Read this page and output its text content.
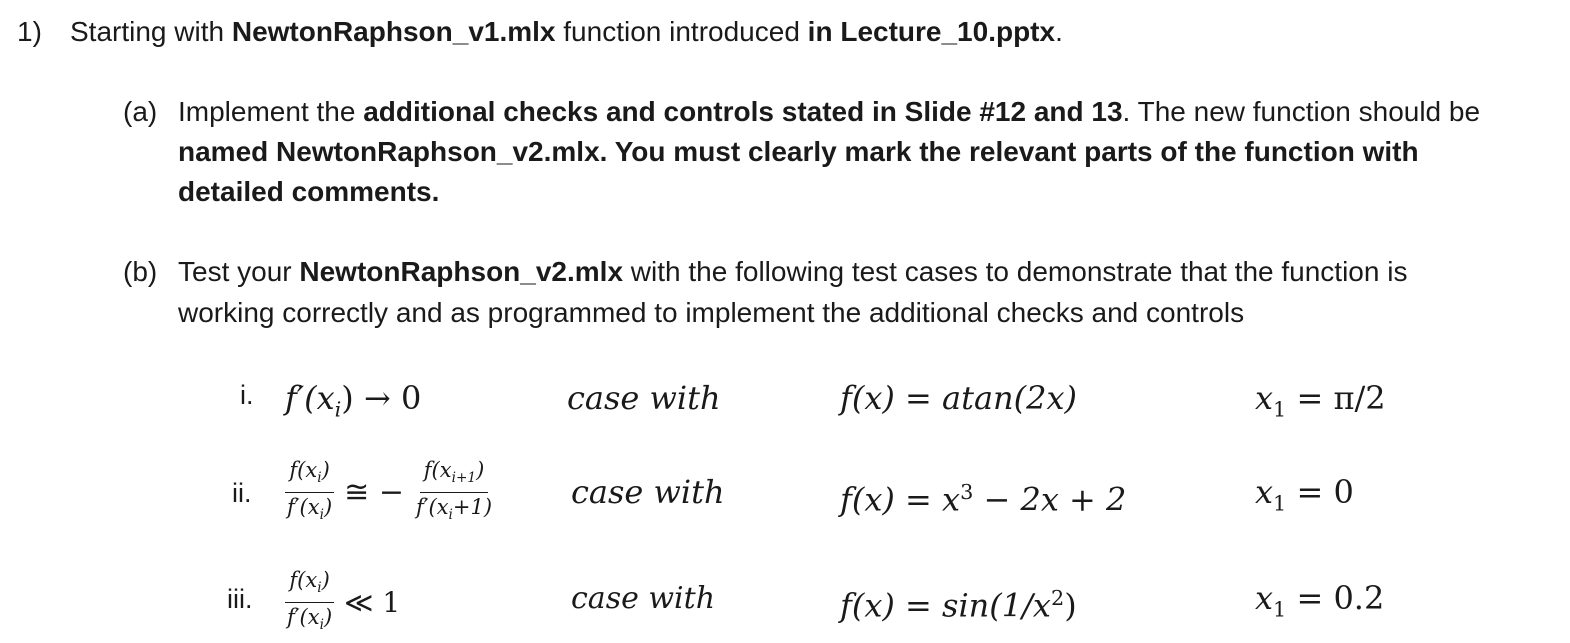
1) Starting with NewtonRaphson_v1.mlx function introduced in Lecture_10.pptx.
(a) Implement the additional checks and controls stated in Slide #12 and 13. The new function should be
named NewtonRaphson_v2.mlx. You must clearly mark the relevant parts of the function with
detailed comments.
(b) Test your NewtonRaphson_v2.mlx with the following test cases to demonstrate that the function is
working correctly and as programmed to implement the additional checks and controls
i. $f'(x_i) \to 0$	case with	f(x) = atan(2x)	$x_1 = \pi/2$
ii. $\frac{f(x_i)}{f'(x_i)}$ ≅ − $\frac{f(x_{i+1})}{f'(x_i+1)}$ case with	$f(x) = x^3 - 2x + 2$	$x_1 = 0$
iii. $\frac{f(x_i)}{f'(x_i)}$ ≪ 1	case with	$f(x) = \sin(1/x^2)$	$x_1 = 0.2$
